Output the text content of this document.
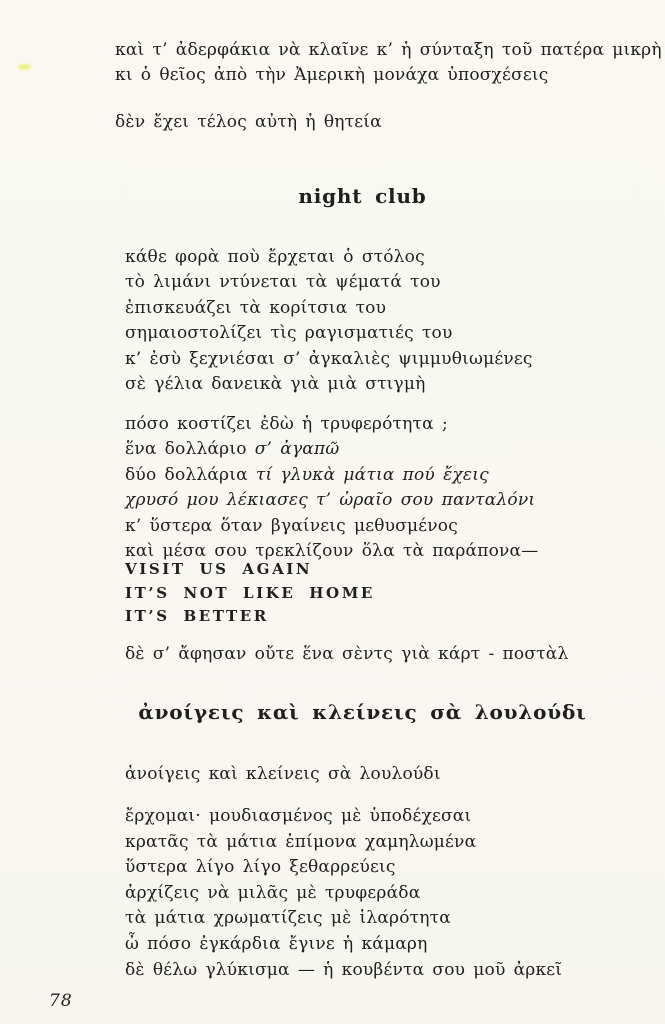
καὶ τ’ ἀδερφάκια νὰ κλαῖνε κ’ ἡ σύνταξη τοῦ πατέρα μικρὴ
κι ὁ θεῖος ἀπὸ τὴν Ἀμερικὴ μονάχα ὑποσχέσεις
δὲν ἔχει τέλος αὐτὴ ἡ θητεία
night club
κάθε φορὰ ποὺ ἔρχεται ὁ στόλος
τὸ λιμάνι ντύνεται τὰ ψέματά του
ἐπισκευάζει τὰ κορίτσια του
σημαιοστολίζει τὶς ραγισματιές του
κ’ ἐσὺ ξεχνιέσαι σ’ ἀγκαλιὲς ψιμμυθιωμένες
σὲ γέλια δανεικὰ γιὰ μιὰ στιγμὴ
πόσο κοστίζει ἐδὼ ἡ τρυφερότητα ;
ἕνα δολλάριο σ’ ἀγαπῶ
δύο δολλάρια τί γλυκὰ μάτια πού ἔχεις
χρυσό μου λέκιασες τ’ ὡραῖο σου πανταλόνι
κ’ ὕστερα ὅταν βγαίνεις μεθυσμένος
καὶ μέσα σου τρεκλίζουν ὅλα τὰ παράπονα—
VISIT US AGAIN
IT’S NOT LIKE HOME
IT’S BETTER
δὲ σ’ ἄφησαν οὔτε ἕνα σὲντς γιὰ κάρτ - ποστὰλ
ἀνοίγεις καὶ κλείνεις σὰ λουλούδι
ἀνοίγεις καὶ κλείνεις σὰ λουλούδι
ἔρχομαι· μουδιασμένος μὲ ὑποδέχεσαι
κρατᾶς τὰ μάτια ἐπίμονα χαμηλωμένα
ὕστερα λίγο λίγο ξεθαρρεύεις
ἀρχίζεις νὰ μιλᾶς μὲ τρυφεράδα
τὰ μάτια χρωματίζεις μὲ ἱλαρότητα
ὦ πόσο ἐγκάρδια ἔγινε ἡ κάμαρη
δὲ θέλω γλύκισμα — ἡ κουβέντα σου μοῦ ἀρκεῖ
78
